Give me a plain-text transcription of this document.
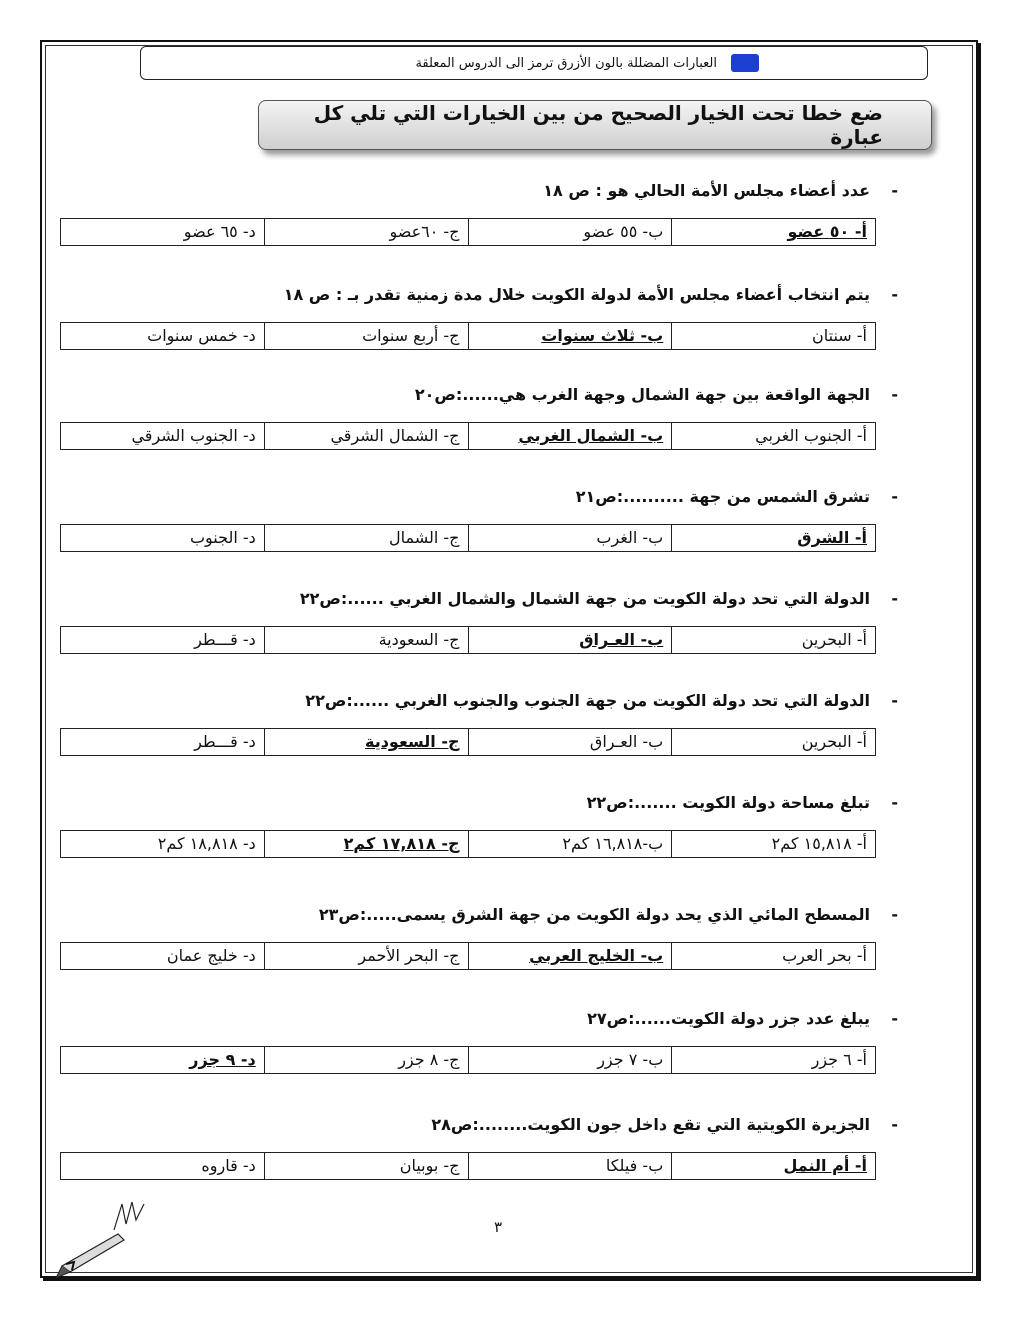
العبارات المضللة بالون الأزرق ترمز الى الدروس المعلقة
ضع خطا تحت الخيار الصحيح من بين الخيارات التي تلي كل عبارة
- عدد أعضاء مجلس الأمة الحالي هو : ص ١٨
أ- ٥٠ عضو
ب- ٥٥ عضو
ج- ٦٠عضو
د- ٦٥ عضو
- يتم انتخاب أعضاء مجلس الأمة لدولة الكويت خلال مدة زمنية تقدر بـ : ص ١٨
أ- سنتان
ب- ثلاث سنوات
ج- أربع سنوات
د- خمس سنوات
- الجهة الواقعة بين جهة الشمال وجهة الغرب هي......:ص٢٠
أ- الجنوب الغربي
ب- الشمال الغربي
ج- الشمال الشرقي
د- الجنوب الشرقي
- تشرق الشمس من جهة ..........:ص٢١
أ- الشرق
ب- الغرب
ج- الشمال
د- الجنوب
- الدولة التي تحد دولة الكويت من جهة الشمال والشمال الغربي ......:ص٢٢
أ- البحرين
ب- العـراق
ج- السعودية
د- قـــطر
- الدولة التي تحد دولة الكويت من جهة الجنوب والجنوب الغربي ......:ص٢٢
أ- البحرين
ب- العـراق
ج- السعودية
د- قـــطر
- تبلغ مساحة دولة الكويت .......:ص٢٢
أ- ١٥,٨١٨ كم٢
ب-١٦,٨١٨ كم٢
ج- ١٧,٨١٨ كم٢
د- ١٨,٨١٨ كم٢
- المسطح المائي الذي يحد دولة الكويت من جهة الشرق يسمى.....:ص٢٣
أ- بحر العرب
ب- الخليج العربي
ج- البحر الأحمر
د- خليج عمان
- يبلغ عدد جزر دولة الكويت......:ص٢٧
أ- ٦ جزر
ب- ٧ جزر
ج- ٨ جزر
د- ٩ جزر
- الجزيرة الكويتية التي تقع داخل جون الكويت........:ص٢٨
أ- أم النمل
ب- فيلكا
ج- بوبيان
د- قاروه
٣
